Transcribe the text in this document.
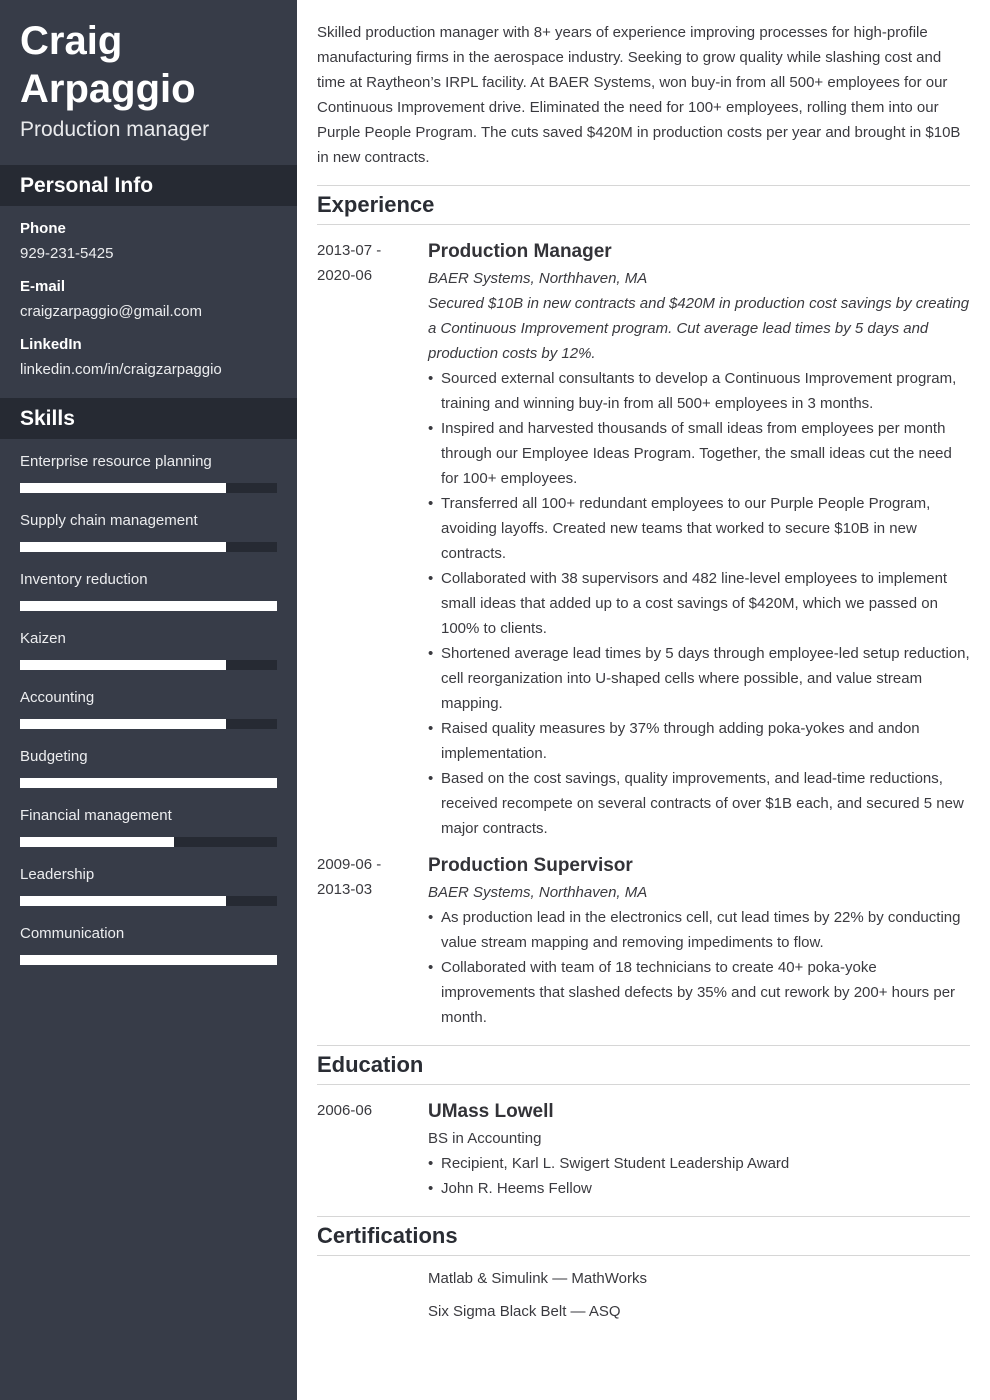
Craig
Arpaggio
Production manager
Personal Info
Phone
929-231-5425
E-mail
craigzarpaggio@gmail.com
LinkedIn
linkedin.com/in/craigzarpaggio
Skills
Enterprise resource planning
Supply chain management
Inventory reduction
Kaizen
Accounting
Budgeting
Financial management
Leadership
Communication

Skilled production manager with 8+ years of experience improving processes for high-profile manufacturing firms in the aerospace industry. Seeking to grow quality while slashing cost and time at Raytheon’s IRPL facility. At BAER Systems, won buy-in from all 500+ employees for our Continuous Improvement drive. Eliminated the need for 100+ employees, rolling them into our Purple People Program. The cuts saved $420M in production costs per year and brought in $10B in new contracts.

Experience
2013-07 -
2020-06
Production Manager
BAER Systems, Northhaven, MA
Secured $10B in new contracts and $420M in production cost savings by creating a Continuous Improvement program. Cut average lead times by 5 days and production costs by 12%.
• Sourced external consultants to develop a Continuous Improvement program, training and winning buy-in from all 500+ employees in 3 months.
• Inspired and harvested thousands of small ideas from employees per month through our Employee Ideas Program. Together, the small ideas cut the need for 100+ employees.
• Transferred all 100+ redundant employees to our Purple People Program, avoiding layoffs. Created new teams that worked to secure $10B in new contracts.
• Collaborated with 38 supervisors and 482 line-level employees to implement small ideas that added up to a cost savings of $420M, which we passed on 100% to clients.
• Shortened average lead times by 5 days through employee-led setup reduction, cell reorganization into U-shaped cells where possible, and value stream mapping.
• Raised quality measures by 37% through adding poka-yokes and andon implementation.
• Based on the cost savings, quality improvements, and lead-time reductions, received recompete on several contracts of over $1B each, and secured 5 new major contracts.
2009-06 -
2013-03
Production Supervisor
BAER Systems, Northhaven, MA
• As production lead in the electronics cell, cut lead times by 22% by conducting value stream mapping and removing impediments to flow.
• Collaborated with team of 18 technicians to create 40+ poka-yoke improvements that slashed defects by 35% and cut rework by 200+ hours per month.
Education
2006-06	UMass Lowell
BS in Accounting
• Recipient, Karl L. Swigert Student Leadership Award
• John R. Heems Fellow
Certifications
Matlab & Simulink — MathWorks
Six Sigma Black Belt — ASQ
